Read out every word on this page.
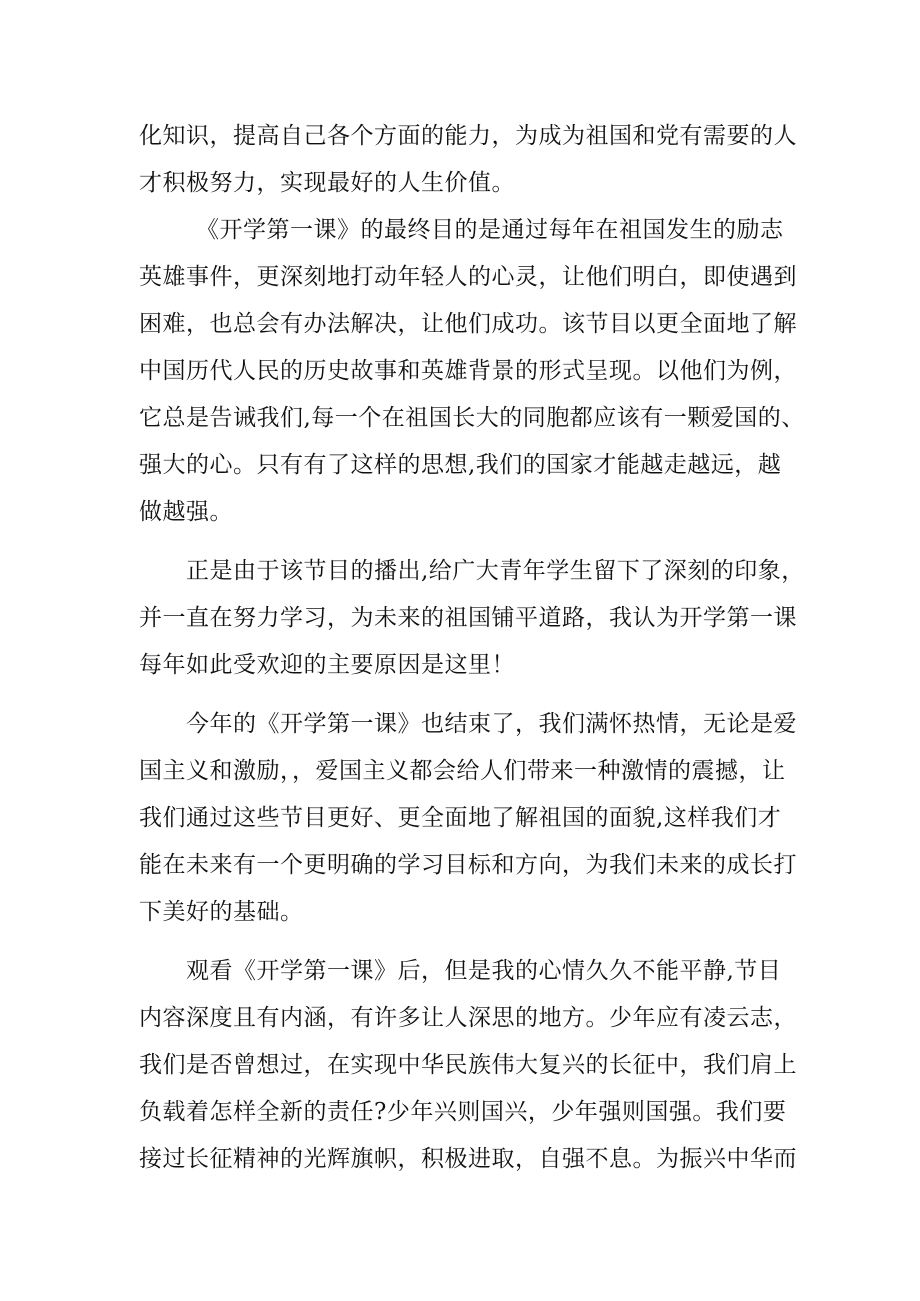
化知识，提高自己各个方面的能力，为成为祖国和党有需要的人
才积极努力，实现最好的人生价值。
《开学第一课》的最终目的是通过每年在祖国发生的励志
英雄事件，更深刻地打动年轻人的心灵，让他们明白，即使遇到
困难，也总会有办法解决，让他们成功。该节目以更全面地了解
中国历代人民的历史故事和英雄背景的形式呈现。以他们为例，
它总是告诫我们,每一个在祖国长大的同胞都应该有一颗爱国的、
强大的心。只有有了这样的思想,我们的国家才能越走越远，越
做越强。
正是由于该节目的播出,给广大青年学生留下了深刻的印象，
并一直在努力学习，为未来的祖国铺平道路，我认为开学第一课
每年如此受欢迎的主要原因是这里！
今年的《开学第一课》也结束了，我们满怀热情，无论是爱
国主义和激励，，爱国主义都会给人们带来一种激情的震撼，让
我们通过这些节目更好、更全面地了解祖国的面貌,这样我们才
能在未来有一个更明确的学习目标和方向，为我们未来的成长打
下美好的基础。
观看《开学第一课》后，但是我的心情久久不能平静,节目
内容深度且有内涵，有许多让人深思的地方。少年应有凌云志，
我们是否曾想过，在实现中华民族伟大复兴的长征中，我们肩上
负载着怎样全新的责任?少年兴则国兴，少年强则国强。我们要
接过长征精神的光辉旗帜，积极进取，自强不息。为振兴中华而
